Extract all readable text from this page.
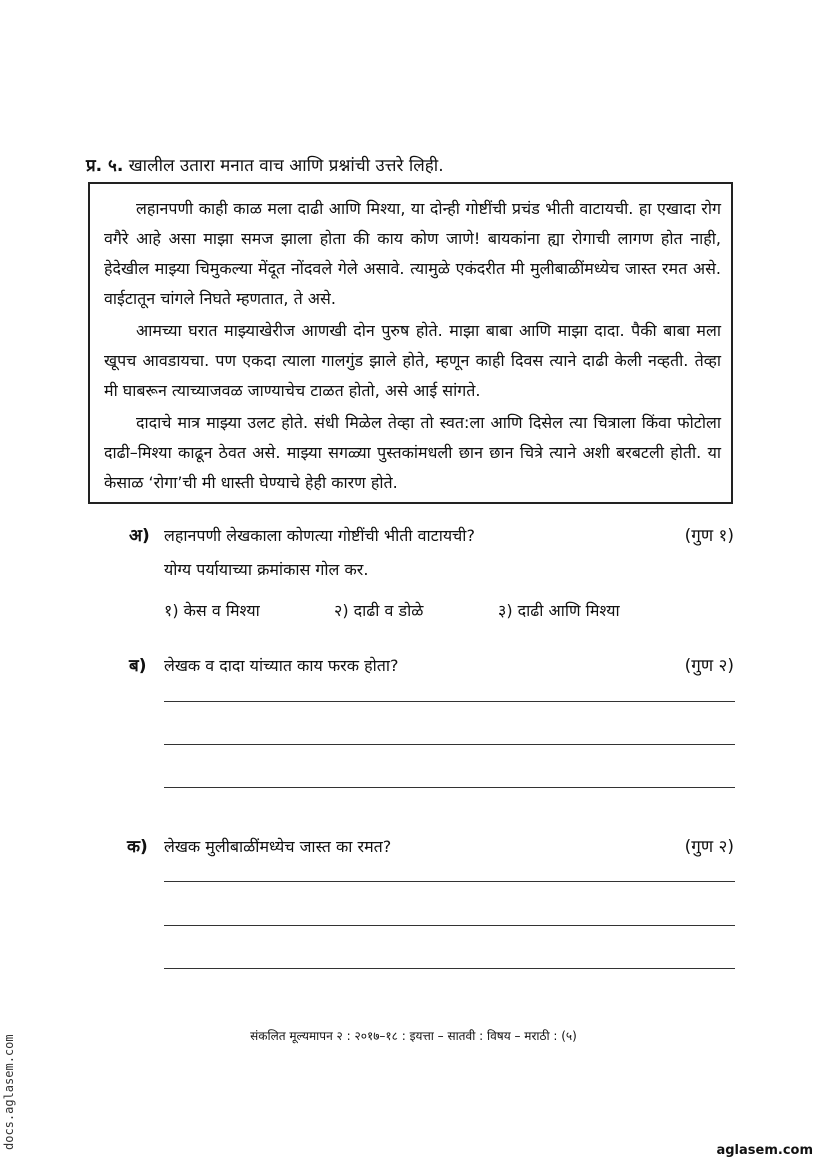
प्र. ५. खालील उतारा मनात वाच आणि प्रश्नांची उत्तरे लिही.

लहानपणी काही काळ मला दाढी आणि मिश्या, या दोन्ही गोष्टींची प्रचंड भीती वाटायची. हा एखादा रोग वगैरे आहे असा माझा समज झाला होता की काय कोण जाणे! बायकांना ह्या रोगाची लागण होत नाही, हेदेखील माझ्या चिमुकल्या मेंदूत नोंदवले गेले असावे. त्यामुळे एकंदरीत मी मुलीबाळींमध्येच जास्त रमत असे. वाईटातून चांगले निघते म्हणतात, ते असे.

आमच्या घरात माझ्याखेरीज आणखी दोन पुरुष होते. माझा बाबा आणि माझा दादा. पैकी बाबा मला खूपच आवडायचा. पण एकदा त्याला गालगुंड झाले होते, म्हणून काही दिवस त्याने दाढी केली नव्हती. तेव्हा मी घाबरून त्याच्याजवळ जाण्याचेच टाळत होतो, असे आई सांगते.

दादाचे मात्र माझ्या उलट होते. संधी मिळेल तेव्हा तो स्वत:ला आणि दिसेल त्या चित्राला किंवा फोटोला दाढी–मिश्या काढून ठेवत असे. माझ्या सगळ्या पुस्तकांमधली छान छान चित्रे त्याने अशी बरबटली होती. या केसाळ ‘रोगा’ची मी धास्ती घेण्याचे हेही कारण होते.

अ) लहानपणी लेखकाला कोणत्या गोष्टींची भीती वाटायची?	(गुण १)
योग्य पर्यायाच्या क्रमांकास गोल कर.
१) केस व मिश्या	२) दाढी व डोळे	३) दाढी आणि मिश्या
ब) लेखक व दादा यांच्यात काय फरक होता?	(गुण २)
क) लेखक मुलीबाळींमध्येच जास्त का रमत?	(गुण २)
संकलित मूल्यमापन २ : २०१७–१८ : इयत्ता – सातवी : विषय – मराठी : (५)
docs.aglasem.com
aglasem.com
